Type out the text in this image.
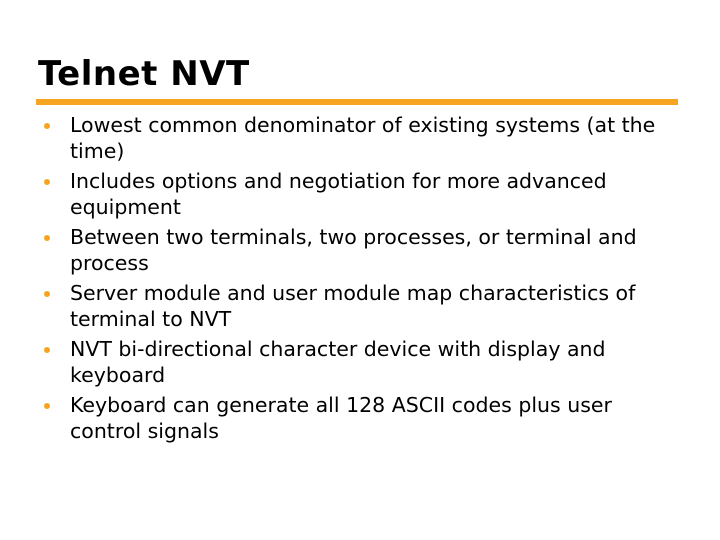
Telnet NVT
Lowest common denominator of existing systems (at the time)
Includes options and negotiation for more advanced equipment
Between two terminals, two processes, or terminal and process
Server module and user module map characteristics of terminal to NVT
NVT bi-directional character device with display and keyboard
Keyboard can generate all 128 ASCII codes plus user control signals
